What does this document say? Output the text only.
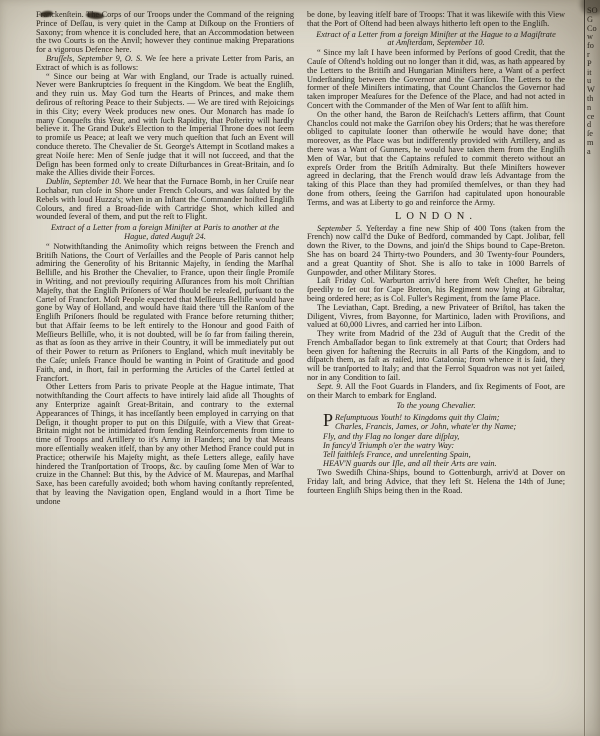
Franckenſtein. The Corps of our Troops under the Command of the reigning Prince of Deſſau, is very quiet in the Camp at Diſkoup on the Frontiers of Saxony; from whence it is concluded here, that an Accommodation between the two Courts is on the Anvil; however they continue making Preparations for a vigorous Defence here.

Bruſſels, September 9, O. S. We ſee here a private Letter from Paris, an Extract of which is as follows:

“ Since our being at War with England, our Trade is actually ruined. Never were Bankruptcies ſo frequent in the Kingdom. We beat the Engliſh, and they ruin us. May God turn the Hearts of Princes, and make them deſirous of reſtoring Peace to their Subjects. — We are tired with Rejoicings in this City; every Week produces new ones. Our Monarch has made ſo many Conqueſts this Year, and with ſuch Rapidity, that Poſterity will hardly believe it. The Grand Duke's Election to the Imperial Throne does not ſeem to promiſe us Peace; at leaſt we very much queſtion that ſuch an Event will conduce thereto. The Chevalier de St. George's Attempt in Scotland makes a great Noiſe here: Men of Senſe judge that it will not ſucceed, and that the Deſign has been formed only to create Diſturbances in Great-Britain, and ſo make the Allies divide their Forces.

Dublin, September 10. We hear that the Furnace Bomb, in her Cruiſe near Lochabar, run cloſe in Shore under French Colours, and was ſaluted by the Rebels with loud Huzza's; when in an Inſtant the Commander hoiſted Engliſh Colours, and fired a Broad-ſide with Cartridge Shot, which killed and wounded ſeveral of them, and put the reſt to Flight.

Extract of a Letter from a foreign Miniſter at Paris to another at the Hague, dated Auguſt 24.

“ Notwithſtanding the Animoſity which reigns between the French and Britiſh Nations, the Court of Verſailles and the People of Paris cannot help admiring the Generoſity of his Britannic Majeſty, in ſending the Marſhal Belliſle, and his Brother the Chevalier, to France, upon their ſingle Promiſe in Writing, and not previouſly requiring Aſſurances from his moſt Chriſtian Majeſty, that the Engliſh Priſoners of War ſhould be releaſed, purſuant to the Cartel of Francfort. Moſt People expected that Meſſieurs Belliſle would have gone by Way of Holland, and would have ſtaid there 'till the Ranſom of the Engliſh Priſoners ſhould be regulated with France before returning thither; but that Affair ſeems to be left entirely to the Honour and good Faith of Meſſieurs Belliſle, who, it is not doubted, will be ſo far from failing therein, as that as ſoon as they arrive in their Country, it will be immediately put out of their Power to return as Priſoners to England, which muſt inevitably be the Caſe; unleſs France ſhould be wanting in Point of Gratitude and good Faith, and, in ſhort, fail in performing the Articles of the Cartel ſettled at Francfort.

Other Letters from Paris to private People at the Hague intimate, That notwithſtanding the Court affects to have intirely laid aſide all Thoughts of any Enterprize againſt Great-Britain, and contrary to the external Appearances of Things, it has inceſſantly been employed in carrying on that Deſign, it thought proper to put on this Diſguiſe, with a View that Great-Britain might not be intimidated from ſending Reinforcements from time to time of Troops and Artillery to it's Army in Flanders; and by that Means more eſſentially weaken itſelf, than by any other Method France could put in Practice; otherwiſe his Majeſty might, as theſe Letters allege, eaſily have hindered the Tranſportation of Troops, &c. by cauſing ſome Men of War to cruize in the Channel: But this, by the Advice of M. Maurepas, and Marſhal Saxe, has been carefully avoided; both whom having conſtantly repreſented, that by leaving the Navigation open, England would in a ſhort Time be undone

be done, by leaving itſelf bare of Troops: That it was likewiſe with this View that the Port of Oſtend had been always hitherto left open to the Engliſh.

Extract of a Letter from a foreign Miniſter at the Hague to a Magiſtrate at Amſterdam, September 10.

“ Since my laſt I have been informed by Perſons of good Credit, that the Cauſe of Oſtend's holding out no longer than it did, was, as hath appeared by the Letters to the Britiſh and Hungarian Miniſters here, a Want of a perfect Underſtanding between the Governor and the Garriſon. The Letters to the former of theſe Miniſters intimating, that Count Chanclos the Governor had taken improper Meaſures for the Defence of the Place, and had not acted in Concert with the Commander of the Men of War ſent to aſſiſt him.

On the other hand, the Baron de Reiſchach's Letters affirm, that Count Chanclos could not make the Garriſon obey his Orders; that he was therefore obliged to capitulate ſooner than otherwiſe he would have done; that moreover, as the Place was but indifferently provided with Artillery, and as there was a Want of Gunners, he would have taken them from the Engliſh Men of War, but that the Captains refuſed to commit thereto without an expreſs Order from the Britiſh Admiralty. But theſe Miniſters however agreed in declaring, that the French would draw leſs Advantage from the taking of this Place than they had promiſed themſelves, or than they had done from others, ſeeing the Garriſon had capitulated upon honourable Terms, and was at Liberty to go and reinforce the Army.

LONDON.

September 5. Yeſterday a fine new Ship of 400 Tons (taken from the French) now call'd the Duke of Bedford, commanded by Capt. Jolibar, fell down the River, to the Downs, and join'd the Ships bound to Cape-Breton. She has on board 24 Thirty-two Pounders, and 30 Twenty-four Pounders, and a great Quantity of Shot. She is alſo to take in 1000 Barrels of Gunpowder, and other Military Stores.

Laſt Friday Col. Warburton arriv'd here from Weſt Cheſter, he being ſpeedily to ſet out for Cape Breton, his Regiment now lying at Gibraltar, being ordered here; as is Col. Fuller's Regiment, from the ſame Place.

The Leviathan, Capt. Breding, a new Privateer of Briſtol, has taken the Diligent, Vivres, from Bayonne, for Martinico, laden with Proviſions, and valued at 60,000 Livres, and carried her into Liſbon.

They write from Madrid of the 23d of Auguſt that the Credit of the French Ambaſſador began to ſink extremely at that Court; that Orders had been given for haſtening the Recruits in all Parts of the Kingdom, and to diſpatch them, as faſt as raiſed, into Catalonia; from whence it is ſaid, they will be tranſported to Italy; and that the Ferrol Squadron was not yet ſailed, nor in any Condition to ſail.

Sept. 9. All the Foot Guards in Flanders, and ſix Regiments of Foot, are on their March to embark for England.

To the young Chevalier.

P Reſumptuous Youth! to Kingdoms quit thy Claim;
Charles, Francis, James, or John, whate'er thy Name;
Fly, and thy Flag no longer dare diſplay,
In fancy'd Triumph o'er the watry Way:
Tell faithleſs France, and unrelenting Spain,
HEAV'N guards our Iſle, and all their Arts are vain.

Two Swediſh China-Ships, bound to Gottenburgh, arriv'd at Dover on Friday laſt, and bring Advice, that they left St. Helena the 14th of June; fourteen Engliſh Ships being then in the Road.

G
Co
w
fo
r
P
it
u
W
th
n
ce
d
ſe
m
a
